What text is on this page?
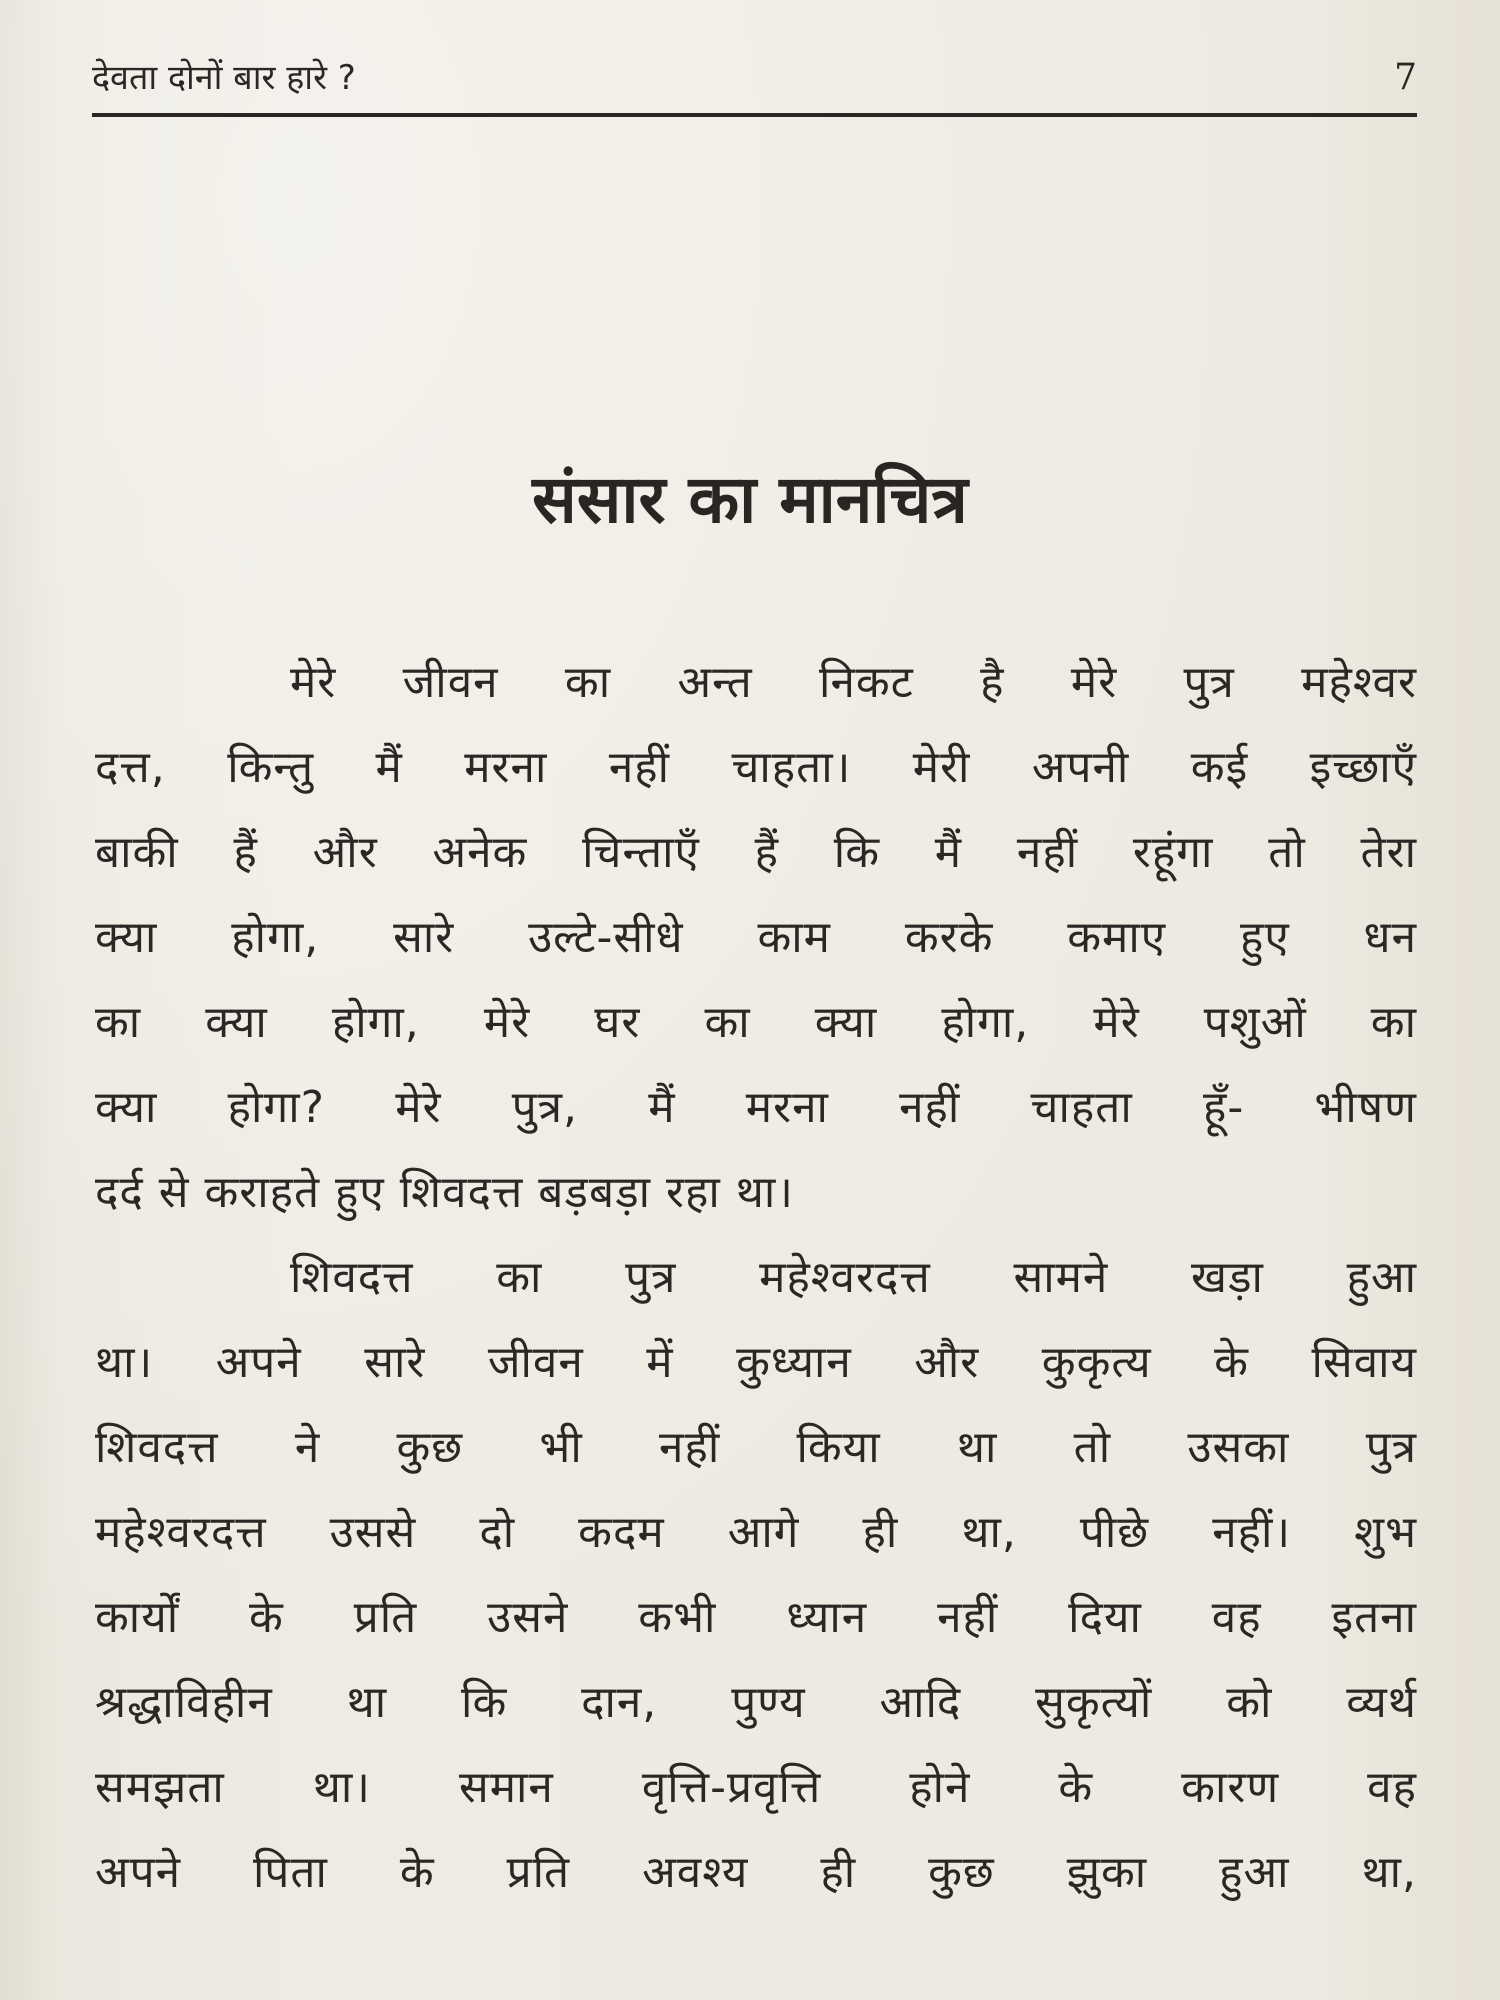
देवता दोनों बार हारे ?	7
संसार का मानचित्र
मेरे जीवन का अन्त निकट है मेरे पुत्र महेश्वर
दत्त, किन्तु मैं मरना नहीं चाहता। मेरी अपनी कई इच्छाएँ
बाकी हैं और अनेक चिन्ताएँ हैं कि मैं नहीं रहूंगा तो तेरा
क्या होगा, सारे उल्टे-सीधे काम करके कमाए हुए धन
का क्या होगा, मेरे घर का क्या होगा, मेरे पशुओं का
क्या होगा? मेरे पुत्र, मैं मरना नहीं चाहता हूँ- भीषण
दर्द से कराहते हुए शिवदत्त बड़बड़ा रहा था।
शिवदत्त का पुत्र महेश्वरदत्त सामने खड़ा हुआ
था। अपने सारे जीवन में कुध्यान और कुकृत्य के सिवाय
शिवदत्त ने कुछ भी नहीं किया था तो उसका पुत्र
महेश्वरदत्त उससे दो कदम आगे ही था, पीछे नहीं। शुभ
कार्यों के प्रति उसने कभी ध्यान नहीं दिया वह इतना
श्रद्धाविहीन था कि दान, पुण्य आदि सुकृत्यों को व्यर्थ
समझता था। समान वृत्ति-प्रवृत्ति होने के कारण वह
अपने पिता के प्रति अवश्य ही कुछ झुका हुआ था,
